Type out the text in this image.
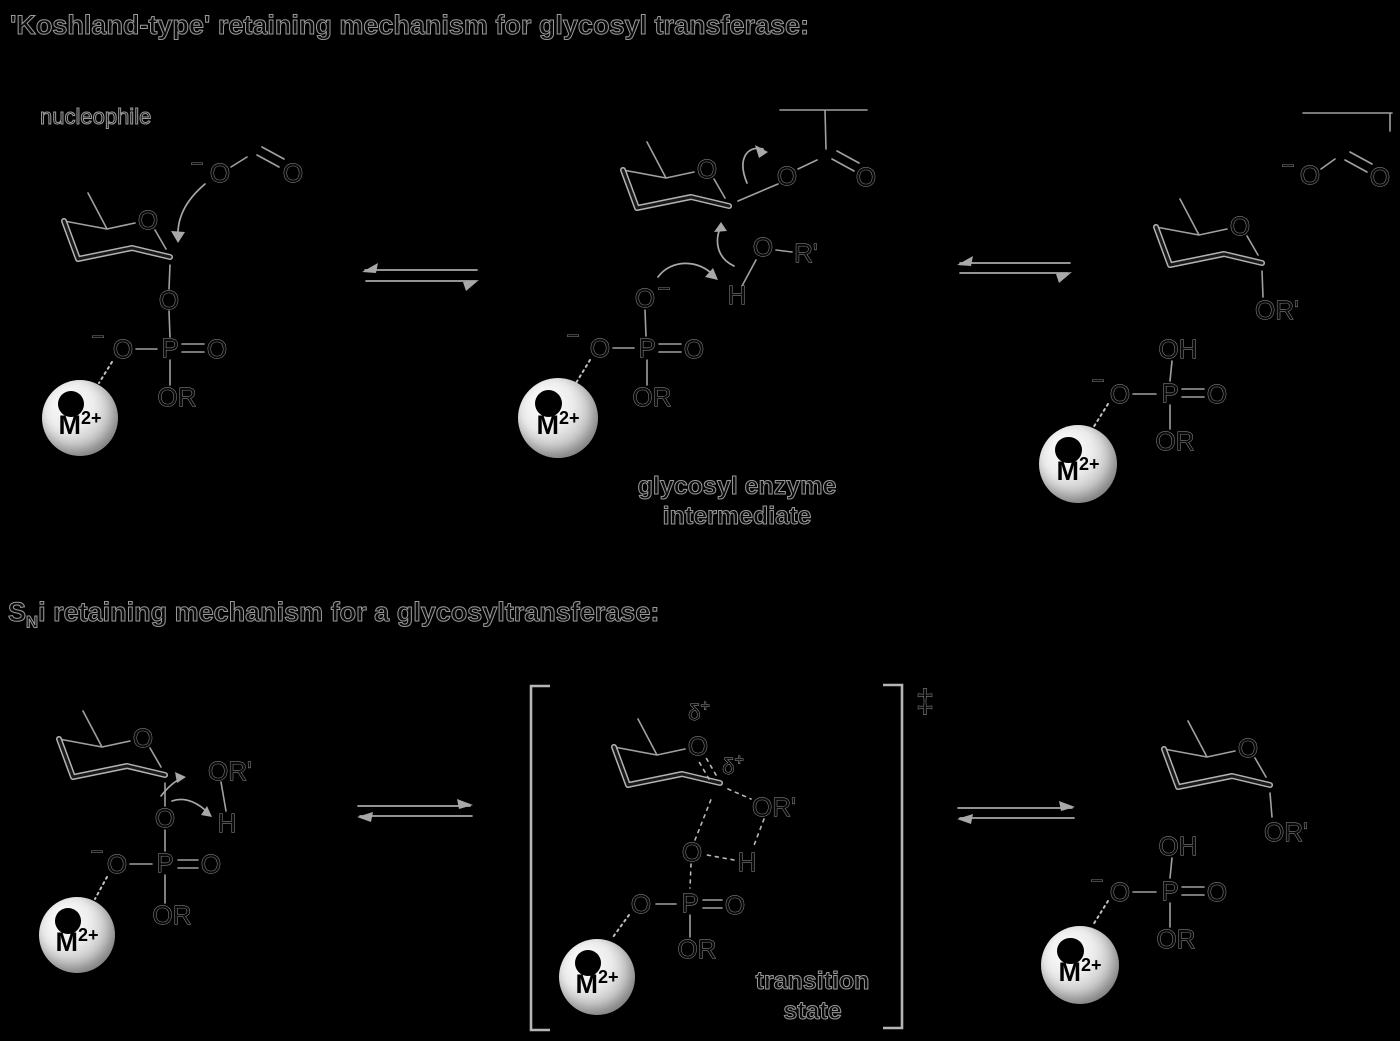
'Koshland-type' retaining mechanism for glycosyl transferase:
nucleophile
$S_Ni$ retaining mechanism for a glycosyltransferase:
glycosyl enzyme
intermediate
transition
state
O
O
P
O	O
OR
O O
−
−
O O O
O R'
H
O −
P
O
−	O
OR
O
− O O
OR'
OH
P
O
−	O
OR
O
OR'
H
O
P
O
−	O
OR
‡
δ+
δ+
O
OR'
H
O
P
O	O
OR
O
OR'
OH
P
O
−	O
OR
$M^{2+}$	$M^{2+}$
$M^{2+}$
$M^{2+}$
$M^{2+}$	$M^{2+}$
